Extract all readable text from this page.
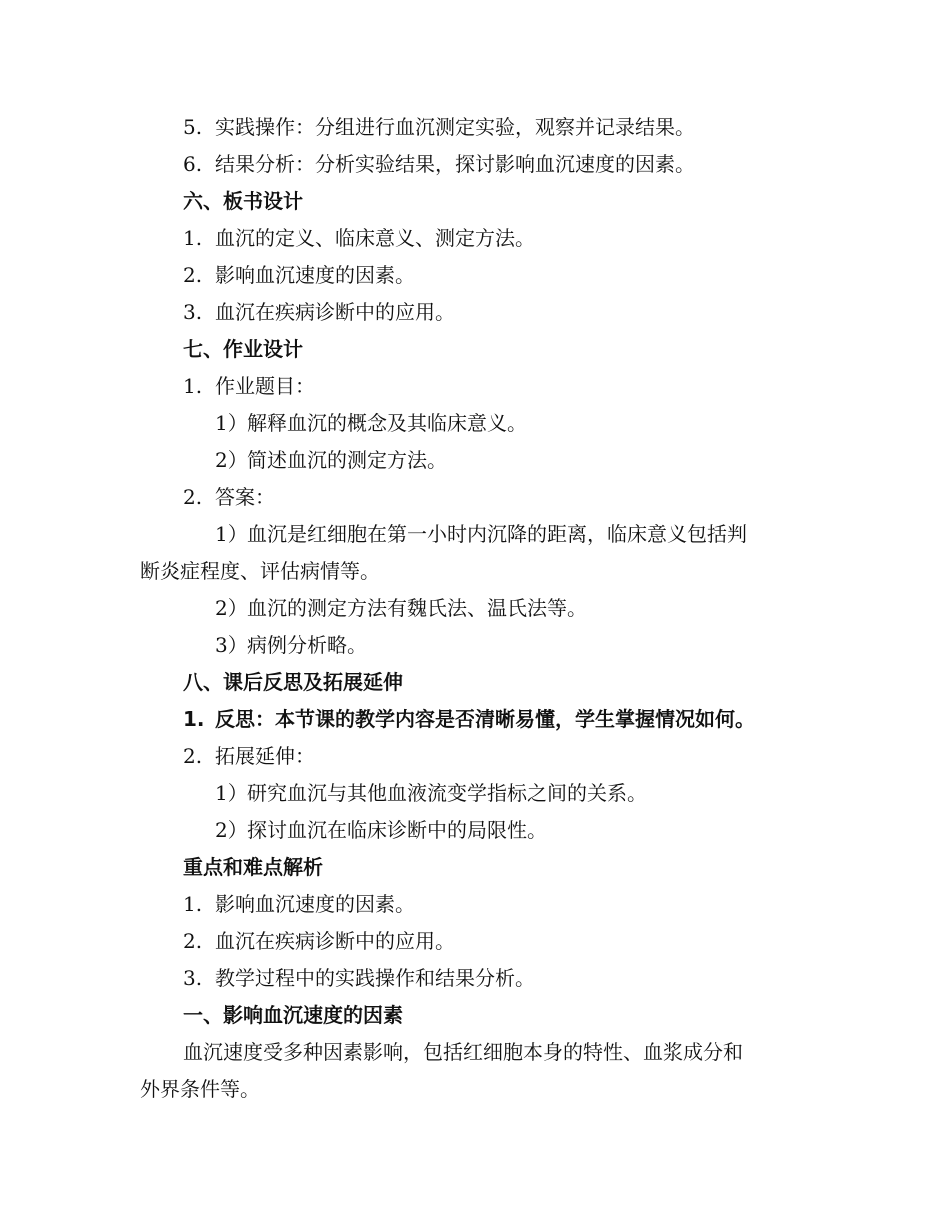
5. 实践操作：分组进行血沉测定实验，观察并记录结果。
6. 结果分析：分析实验结果，探讨影响血沉速度的因素。
六、板书设计
1. 血沉的定义、临床意义、测定方法。
2. 影响血沉速度的因素。
3. 血沉在疾病诊断中的应用。
七、作业设计
1. 作业题目：
1）解释血沉的概念及其临床意义。
2）简述血沉的测定方法。
2. 答案：
1）血沉是红细胞在第一小时内沉降的距离，临床意义包括判
断炎症程度、评估病情等。
2）血沉的测定方法有魏氏法、温氏法等。
3）病例分析略。
八、课后反思及拓展延伸
1. 反思：本节课的教学内容是否清晰易懂，学生掌握情况如何。
2. 拓展延伸：
1）研究血沉与其他血液流变学指标之间的关系。
2）探讨血沉在临床诊断中的局限性。
重点和难点解析
1. 影响血沉速度的因素。
2. 血沉在疾病诊断中的应用。
3. 教学过程中的实践操作和结果分析。
一、影响血沉速度的因素
血沉速度受多种因素影响，包括红细胞本身的特性、血浆成分和
外界条件等。
